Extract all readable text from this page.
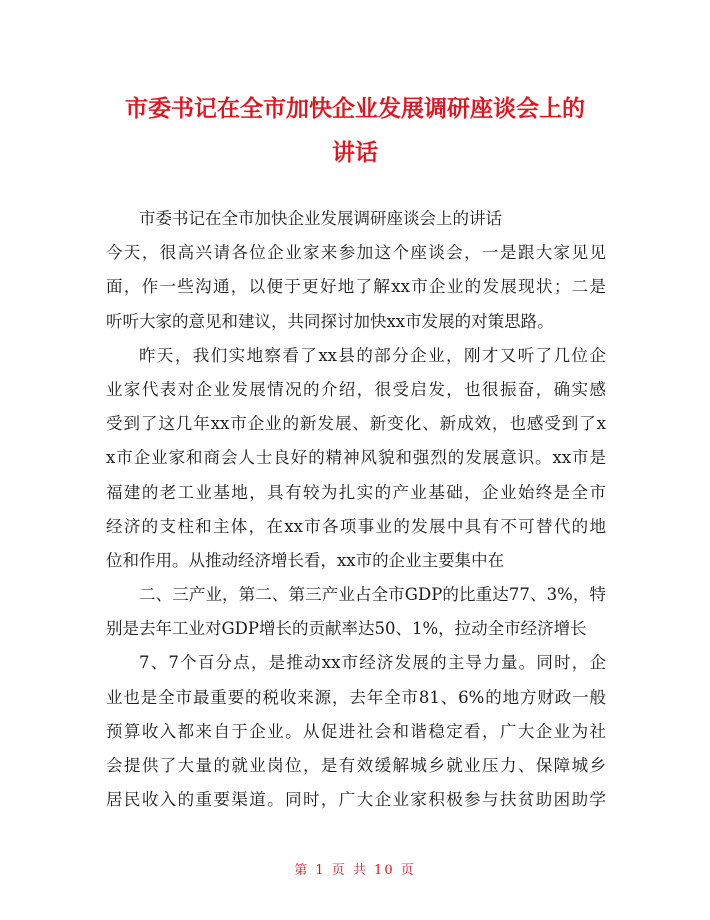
市委书记在全市加快企业发展调研座谈会上的
讲话
市委书记在全市加快企业发展调研座谈会上的讲话
今天，很高兴请各位企业家来参加这个座谈会，一是跟大家见见
面，作一些沟通，以便于更好地了解xx市企业的发展现状；二是
听听大家的意见和建议，共同探讨加快xx市发展的对策思路。
昨天，我们实地察看了xx县的部分企业，刚才又听了几位企
业家代表对企业发展情况的介绍，很受启发，也很振奋，确实感
受到了这几年xx市企业的新发展、新变化、新成效，也感受到了x
x市企业家和商会人士良好的精神风貌和强烈的发展意识。xx市是
福建的老工业基地，具有较为扎实的产业基础，企业始终是全市
经济的支柱和主体，在xx市各项事业的发展中具有不可替代的地
位和作用。从推动经济增长看，xx市的企业主要集中在
二、三产业，第二、第三产业占全市GDP的比重达77、3%，特
别是去年工业对GDP增长的贡献率达50、1%，拉动全市经济增长
7、7个百分点，是推动xx市经济发展的主导力量。同时，企
业也是全市最重要的税收来源，去年全市81、6%的地方财政一般
预算收入都来自于企业。从促进社会和谐稳定看，广大企业为社
会提供了大量的就业岗位，是有效缓解城乡就业压力、保障城乡
居民收入的重要渠道。同时，广大企业家积极参与扶贫助困助学
第 1 页 共 10 页
